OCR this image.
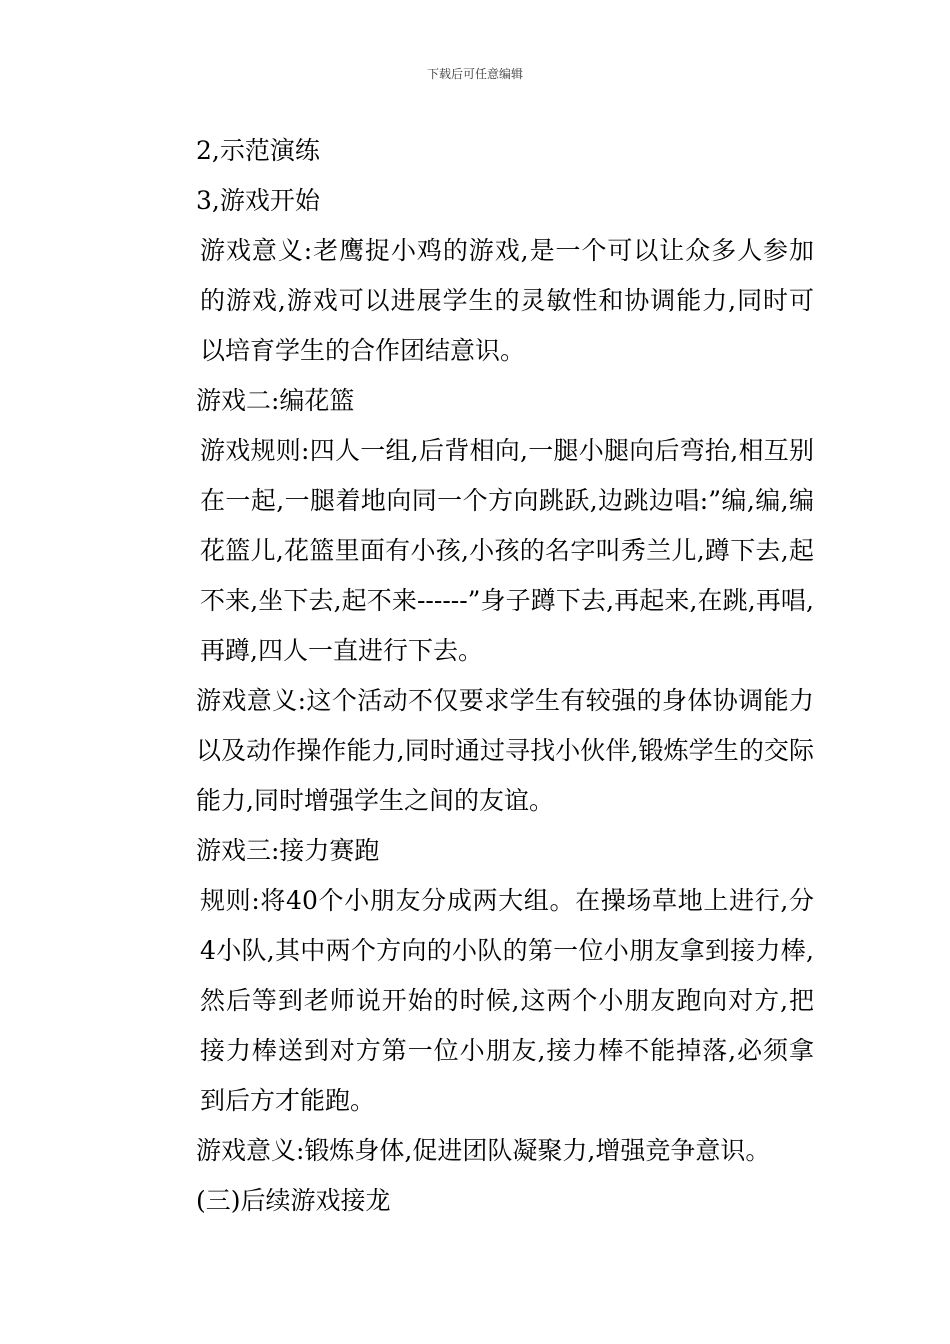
下载后可任意编辑

2,示范演练

3,游戏开始

游戏意义:老鹰捉小鸡的游戏,是一个可以让众多人参加的游戏,游戏可以进展学生的灵敏性和协调能力,同时可以培育学生的合作团结意识。

游戏二:编花篮

游戏规则:四人一组,后背相向,一腿小腿向后弯抬,相互别在一起,一腿着地向同一个方向跳跃,边跳边唱:”编,编,编花篮儿,花篮里面有小孩,小孩的名字叫秀兰儿,蹲下去,起不来,坐下去,起不来------”身子蹲下去,再起来,在跳,再唱,再蹲,四人一直进行下去。

游戏意义:这个活动不仅要求学生有较强的身体协调能力以及动作操作能力,同时通过寻找小伙伴,锻炼学生的交际能力,同时增强学生之间的友谊。

游戏三:接力赛跑

规则:将40个小朋友分成两大组。在操场草地上进行,分4小队,其中两个方向的小队的第一位小朋友拿到接力棒,然后等到老师说开始的时候,这两个小朋友跑向对方,把接力棒送到对方第一位小朋友,接力棒不能掉落,必须拿到后方才能跑。

游戏意义:锻炼身体,促进团队凝聚力,增强竞争意识。

(三)后续游戏接龙
